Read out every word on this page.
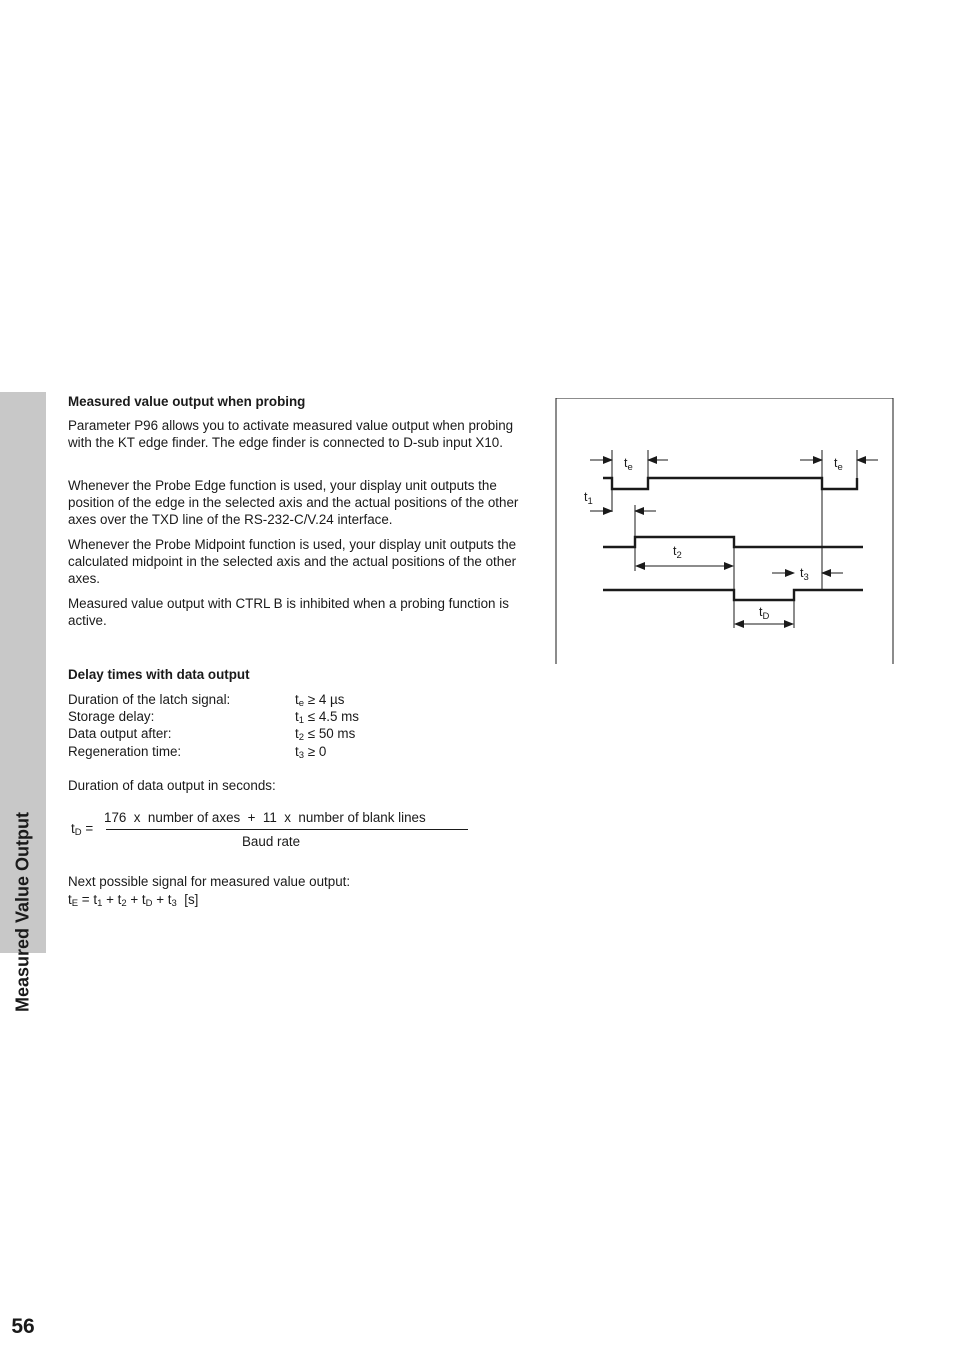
Measured Value Output
56
Measured value output when probing

Parameter P96 allows you to activate measured value output when probing with the KT edge finder. The edge finder is connected to D-sub input X10.

Whenever the Probe Edge function is used, your display unit outputs the position of the edge in the selected axis and the actual positions of the other axes over the TXD line of the RS-232-C/V.24 interface.

Whenever the Probe Midpoint function is used, your display unit outputs the calculated midpoint in the selected axis and the actual positions of the other axes.

Measured value output with CTRL B is inhibited when a probing function is active.

Delay times with data output
Duration of the latch signal:	$t_e \ge 4$ µs
Storage delay:	$t_1 \le 4.5$ ms
Data output after:	$t_2 \le 50$ ms
Regeneration time:	$t_3 \ge 0$
Duration of data output in seconds:
$t_D$ =
176  x  number of axes  +  11  x  number of blank lines
Baud rate
Next possible signal for measured value output:
$t_E = t_1 + t_2 + t_D + t_3$  [s]
$t_e$	$t_e$
$t_1$
$t_2$
$t_3$
$t_D$
